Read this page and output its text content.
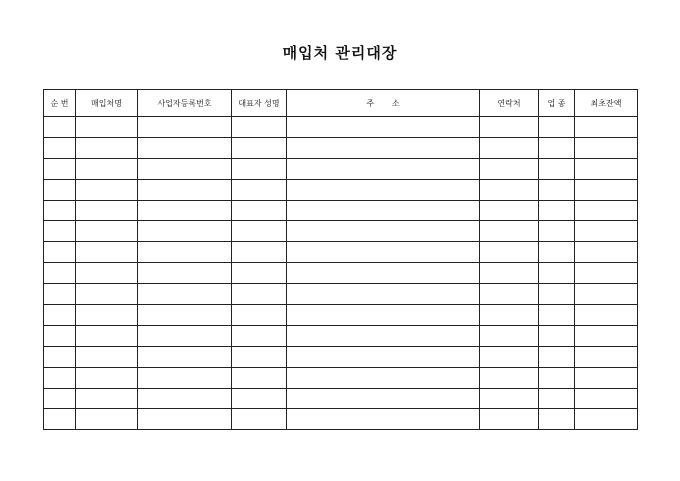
매입처 관리대장
순 번	매입처명	사업자등록번호	대표자 성명	주       소	연락처	업 종	최초잔액
